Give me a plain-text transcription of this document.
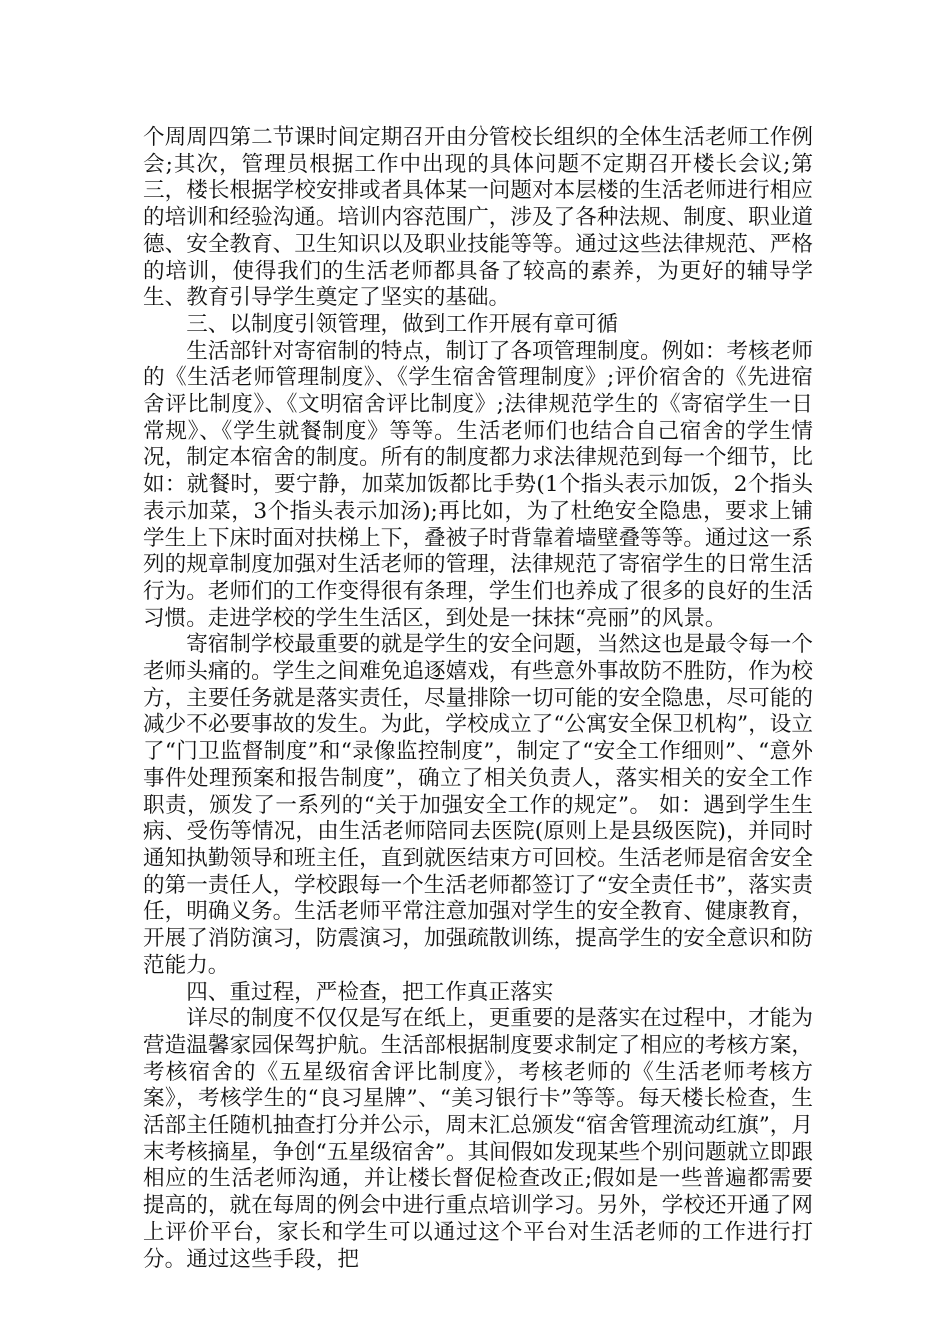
个周周四第二节课时间定期召开由分管校长组织的全体生活老师工作例会;其次，管理员根据工作中出现的具体问题不定期召开楼长会议;第三，楼长根据学校安排或者具体某一问题对本层楼的生活老师进行相应的培训和经验沟通。培训内容范围广，涉及了各种法规、制度、职业道德、安全教育、卫生知识以及职业技能等等。通过这些法律规范、严格的培训，使得我们的生活老师都具备了较高的素养，为更好的辅导学生、教育引导学生奠定了坚实的基础。

三、以制度引领管理，做到工作开展有章可循

生活部针对寄宿制的特点，制订了各项管理制度。例如：考核老师的《生活老师管理制度》、《学生宿舍管理制度》;评价宿舍的《先进宿舍评比制度》、《文明宿舍评比制度》;法律规范学生的《寄宿学生一日常规》、《学生就餐制度》等等。生活老师们也结合自己宿舍的学生情况，制定本宿舍的制度。所有的制度都力求法律规范到每一个细节，比如：就餐时，要宁静，加菜加饭都比手势(1个指头表示加饭，2个指头表示加菜，3个指头表示加汤);再比如，为了杜绝安全隐患，要求上铺学生上下床时面对扶梯上下，叠被子时背靠着墙壁叠等等。通过这一系列的规章制度加强对生活老师的管理，法律规范了寄宿学生的日常生活行为。老师们的工作变得很有条理，学生们也养成了很多的良好的生活习惯。走进学校的学生生活区，到处是一抹抹“亮丽”的风景。

寄宿制学校最重要的就是学生的安全问题，当然这也是最令每一个老师头痛的。学生之间难免追逐嬉戏，有些意外事故防不胜防，作为校方，主要任务就是落实责任，尽量排除一切可能的安全隐患，尽可能的减少不必要事故的发生。为此，学校成立了“公寓安全保卫机构”，设立了“门卫监督制度”和“录像监控制度”，制定了“安全工作细则”、“意外事件处理预案和报告制度”，确立了相关负责人，落实相关的安全工作职责，颁发了一系列的“关于加强安全工作的规定”。 如：遇到学生生病、受伤等情况，由生活老师陪同去医院(原则上是县级医院)，并同时通知执勤领导和班主任，直到就医结束方可回校。生活老师是宿舍安全的第一责任人，学校跟每一个生活老师都签订了“安全责任书”，落实责任，明确义务。生活老师平常注意加强对学生的安全教育、健康教育，开展了消防演习，防震演习，加强疏散训练，提高学生的安全意识和防范能力。

四、重过程，严检查，把工作真正落实

详尽的制度不仅仅是写在纸上，更重要的是落实在过程中，才能为营造温馨家园保驾护航。生活部根据制度要求制定了相应的考核方案，考核宿舍的《五星级宿舍评比制度》，考核老师的《生活老师考核方案》，考核学生的“良习星牌”、“美习银行卡”等等。每天楼长检查，生活部主任随机抽查打分并公示，周末汇总颁发“宿舍管理流动红旗”，月末考核摘星，争创“五星级宿舍”。其间假如发现某些个别问题就立即跟相应的生活老师沟通，并让楼长督促检查改正;假如是一些普遍都需要提高的，就在每周的例会中进行重点培训学习。另外，学校还开通了网上评价平台，家长和学生可以通过这个平台对生活老师的工作进行打分。通过这些手段，把
